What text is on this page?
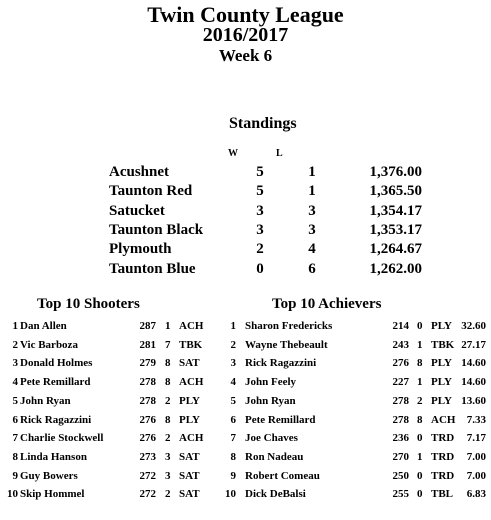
Twin County League
2016/2017
Week 6
Standings
W	L
Acushnet	5	1	1,376.00
Taunton Red	5	1	1,365.50
Satucket	3	3	1,354.17
Taunton Black	3	3	1,353.17
Plymouth	2	4	1,264.67
Taunton Blue	0	6	1,262.00
Top 10 Shooters	Top 10 Achievers
1 Dan Allen	287 1 ACH
2 Vic Barboza	281 7 TBK
3 Donald Holmes	279 8 SAT
4 Pete Remillard	278 8 ACH
5 John Ryan	278 2 PLY
6 Rick Ragazzini	276 8 PLY
7 Charlie Stockwell	276 2 ACH
8 Linda Hanson	273 3 SAT
9 Guy Bowers	272 3 SAT
10 Skip Hommel	272 2 SAT
1 Sharon Fredericks	214 0 PLY 32.60
2 Wayne Thebeault	243 1 TBK 27.17
3 Rick Ragazzini	276 8 PLY 14.60
4 John Feely	227 1 PLY 14.60
5 John Ryan	278 2 PLY 13.60
6 Pete Remillard	278 8 ACH	7.33
7 Joe Chaves	236 0 TRD	7.17
8 Ron Nadeau	270 1 TRD	7.00
9 Robert Comeau	250 0 TRD	7.00
10 Dick DeBalsi	255 0 TBL	6.83
